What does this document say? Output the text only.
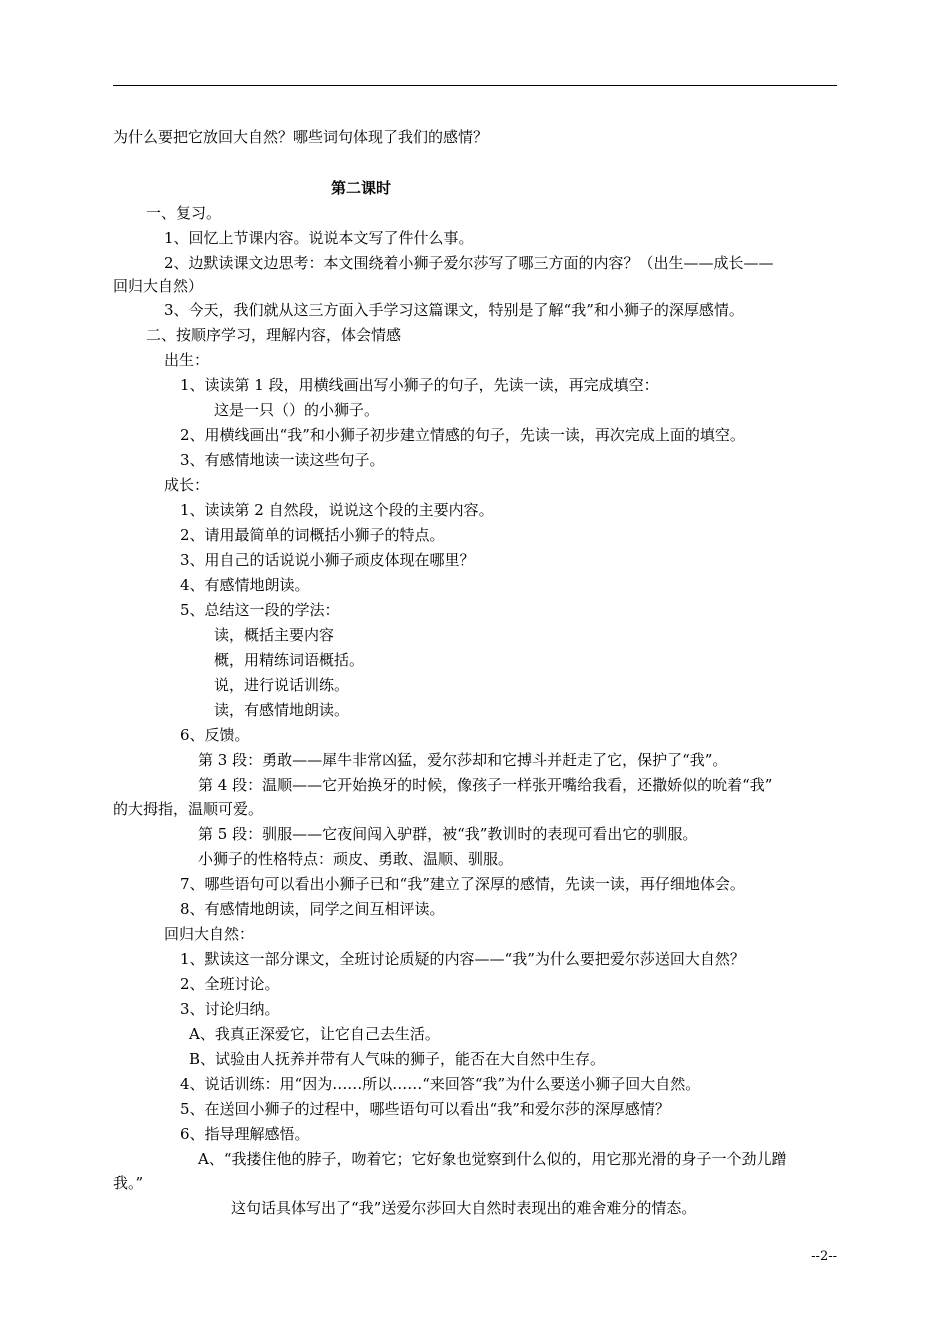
为什么要把它放回大自然？哪些词句体现了我们的感情？
第二课时
一、复习。
1、回忆上节课内容。说说本文写了件什么事。
2、边默读课文边思考：本文围绕着小狮子爱尔莎写了哪三方面的内容？（出生——成长——
回归大自然）
3、今天，我们就从这三方面入手学习这篇课文，特别是了解“我”和小狮子的深厚感情。
二、按顺序学习，理解内容，体会情感
出生：
1、读读第 1 段，用横线画出写小狮子的句子，先读一读，再完成填空：
这是一只（）的小狮子。
2、用横线画出“我”和小狮子初步建立情感的句子，先读一读，再次完成上面的填空。
3、有感情地读一读这些句子。
成长：
1、读读第 2 自然段，说说这个段的主要内容。
2、请用最简单的词概括小狮子的特点。
3、用自己的话说说小狮子顽皮体现在哪里？
4、有感情地朗读。
5、总结这一段的学法：
读，概括主要内容
概，用精练词语概括。
说，进行说话训练。
读，有感情地朗读。
6、反馈。
第 3 段：勇敢——犀牛非常凶猛，爱尔莎却和它搏斗并赶走了它，保护了“我”。
第 4 段：温顺——它开始换牙的时候，像孩子一样张开嘴给我看，还撒娇似的吮着“我”
的大拇指，温顺可爱。
第 5 段：驯服——它夜间闯入驴群，被“我”教训时的表现可看出它的驯服。
小狮子的性格特点：顽皮、勇敢、温顺、驯服。
7、哪些语句可以看出小狮子已和“我”建立了深厚的感情，先读一读，再仔细地体会。
8、有感情地朗读，同学之间互相评读。
回归大自然：
1、默读这一部分课文，全班讨论质疑的内容——“我”为什么要把爱尔莎送回大自然？
2、全班讨论。
3、讨论归纳。
A、我真正深爱它，让它自己去生活。
B、试验由人抚养并带有人气味的狮子，能否在大自然中生存。
4、说话训练：用“因为……所以……“来回答“我”为什么要送小狮子回大自然。
5、在送回小狮子的过程中，哪些语句可以看出“我”和爱尔莎的深厚感情？
6、指导理解感悟。
A、“我搂住他的脖子，吻着它；它好象也觉察到什么似的，用它那光滑的身子一个劲儿蹭
我。”
这句话具体写出了“我”送爱尔莎回大自然时表现出的难舍难分的情态。
--2--
